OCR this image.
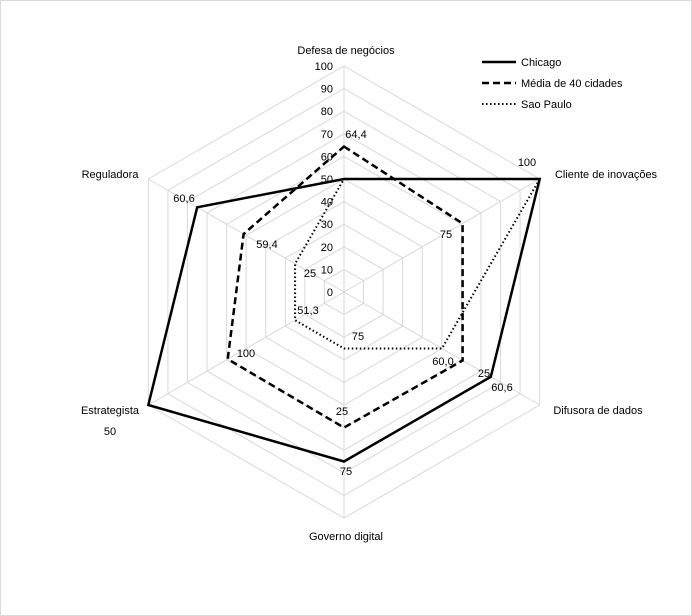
0
10
20
30
40
50
60
70
80
90
100
Defesa de negócios
Cliente de inovações
Difusora de dados
Governo digital
Estrategista
Reguladora
64,4
100
60,6
75
50
60,6
75
60,0
25
100
59,4
25
75
51,3
25
Chicago
Média de 40 cidades
Sao Paulo
